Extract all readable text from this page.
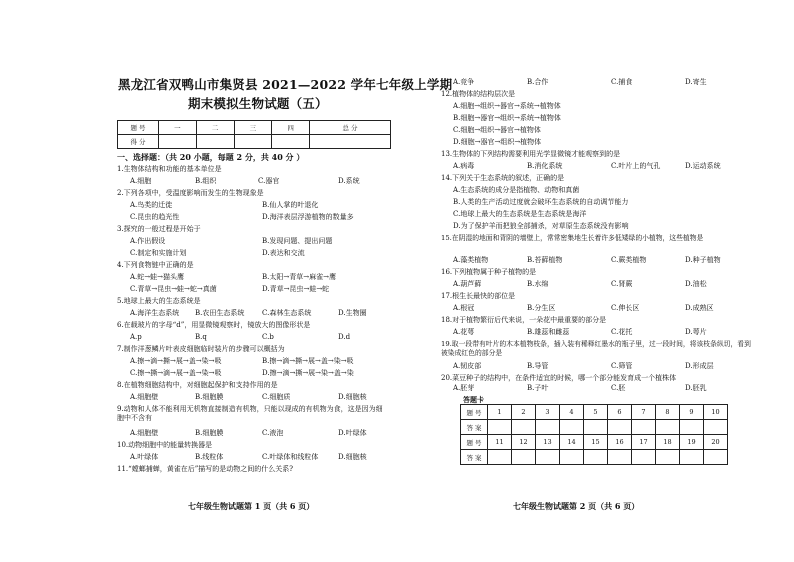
黑龙江省双鸭山市集贤县 2021—2022 学年七年级上学期
期末模拟生物试题（五）
题 号	一	二	三	四	总 分
得 分					
一、选择题：（共 20 小题，每题 2 分，共 40 分 ）
1.生物体结构和功能的基本单位是
A.细胞	B.组织	C.器官	D.系统
2.下列各项中，受温度影响而发生的生物现象是
A.鸟类的迁徙	B.仙人掌的叶退化
C.昆虫的趋光性	D.海洋表层浮游植物的数量多
3.探究的一般过程是开始于
A.作出假设	B.发现问题、提出问题
C.制定和实施计划	D.表达和交流
4.下列食物链中正确的是
A.蛇→蛙→猫头鹰	B.太阳→青草→麻雀→鹰
C.青草→昆虫→蛙→蛇→真菌	D.青草→昆虫→蛙→蛇
5.地球上最大的生态系统是
A.海洋生态系统 B.农田生态系统	C.森林生态系统	D.生物圈
6.在载玻片的字母“d”，用显微镜观察时，镜放大的图像形状是
A.p	B.q	C.b	D.d
7.制作洋葱鳞片叶表皮细胞临时装片的步骤可以概括为
A.擦→滴→撕→展→盖→染→吸	B.擦→滴→撕→展→盖→染→吸
C.擦→撕→滴→展→盖→染→吸	D.擦→滴→撕→展→染→盖→染
8.在植物细胞结构中，对细胞起保护和支持作用的是
A.细胞壁	B.细胞膜	C.细胞质	D.细胞核
9.动物和人体不能利用无机物直接制造有机物，只能以现成的有机物为食，这是因为细胞中不含有
A.细胞壁	B.细胞膜	C.液泡	D.叶绿体
10.动物细胞中的能量转换器是
A.叶绿体	B.线粒体	C.叶绿体和线粒体	D.细胞核
11.“螳螂捕蝉，黄雀在后”描写的是动物之间的什么关系?
七年级生物试题第 1 页（共 6 页）
A.竞争	B.合作	C.捕食	D.寄生
12.植物体的结构层次是
A.细胞→组织→器官→系统→植物体
B.细胞→器官→组织→系统→植物体
C.细胞→组织→器官→植物体
D.细胞→器官→组织→植物体
13.生物体的下列结构需要利用光学显微镜才能观察到的是
A.病毒	B.消化系统	C.叶片上的气孔	D.运动系统
14.下列关于生态系统的叙述，正确的是
A.生态系统的成分是指植物、动物和真菌
B.人类的生产活动过度就会破坏生态系统的自动调节能力
C.地球上最大的生态系统是生态系统是海洋
D.为了保护羊而把狼全部捕杀，对草原生态系统没有影响
15.在阴湿的地面和背阴的墙壁上，常常密集地生长着许多低矮绿的小植物，这些植物是
A.藻类植物	B.苔藓植物	C.蕨类植物	D.种子植物
16.下列植物属于种子植物的是
A.葫芦藓	B.水绵	C.肾蕨	D.油松
17.根生长最快的部位是
A.根冠	B.分生区	C.伸长区	D.成熟区
18.对于植物繁衍后代来说，一朵花中最重要的部分是
A.花萼	B.雄蕊和雌蕊	C.花托	D.萼片
19.取一段带有叶片的木本植物枝条，插入装有稀释红墨水的瓶子里，过一段时间，将该枝条纵切，看到被染成红色的部分是
A.韧皮部	B.导管	C.筛管	D.形成层
20.菜豆种子的结构中，在条件适宜的时候，哪一个部分能发育成一个植株体
A.胚芽	B.子叶	C.胚	D.胚乳
答题卡
题 号	1	2	3	4	5	6	7	8	9	10
答 案										
题 号	11	12	13	14	15	16	17	18	19	20
答 案										
七年级生物试题第 2 页（共 6 页）
